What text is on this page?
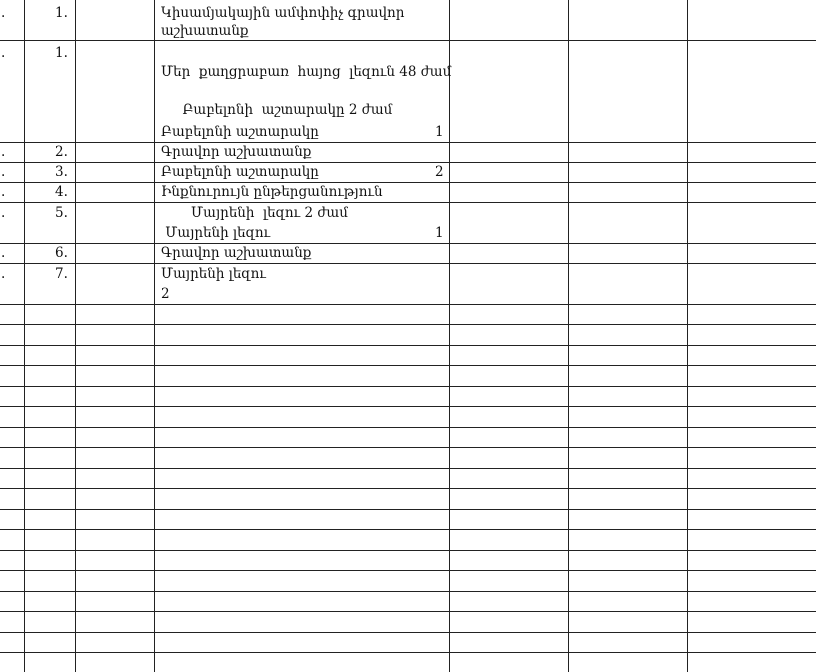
.	1.	Կիսամյակային ամփոփիչ գրավոր
աշխատանք
.	1.
Մեր  քաղցրաբառ  հայոց  լեզուն 48 ժամ
Բաբելոնի  աշտարակը 2 ժամ
Բաբելոնի աշտարակը	1
.	2.	Գրավոր աշխատանք
.	3.	Բաբելոնի աշտարակը	2
.	4.	Ինքնուրույն ընթերցանություն
.	5.	Մայրենի  լեզու 2 ժամ
Մայրենի լեզու	1
.	6.	Գրավոր աշխատանք
.	7.	Մայրենի լեզու
2
